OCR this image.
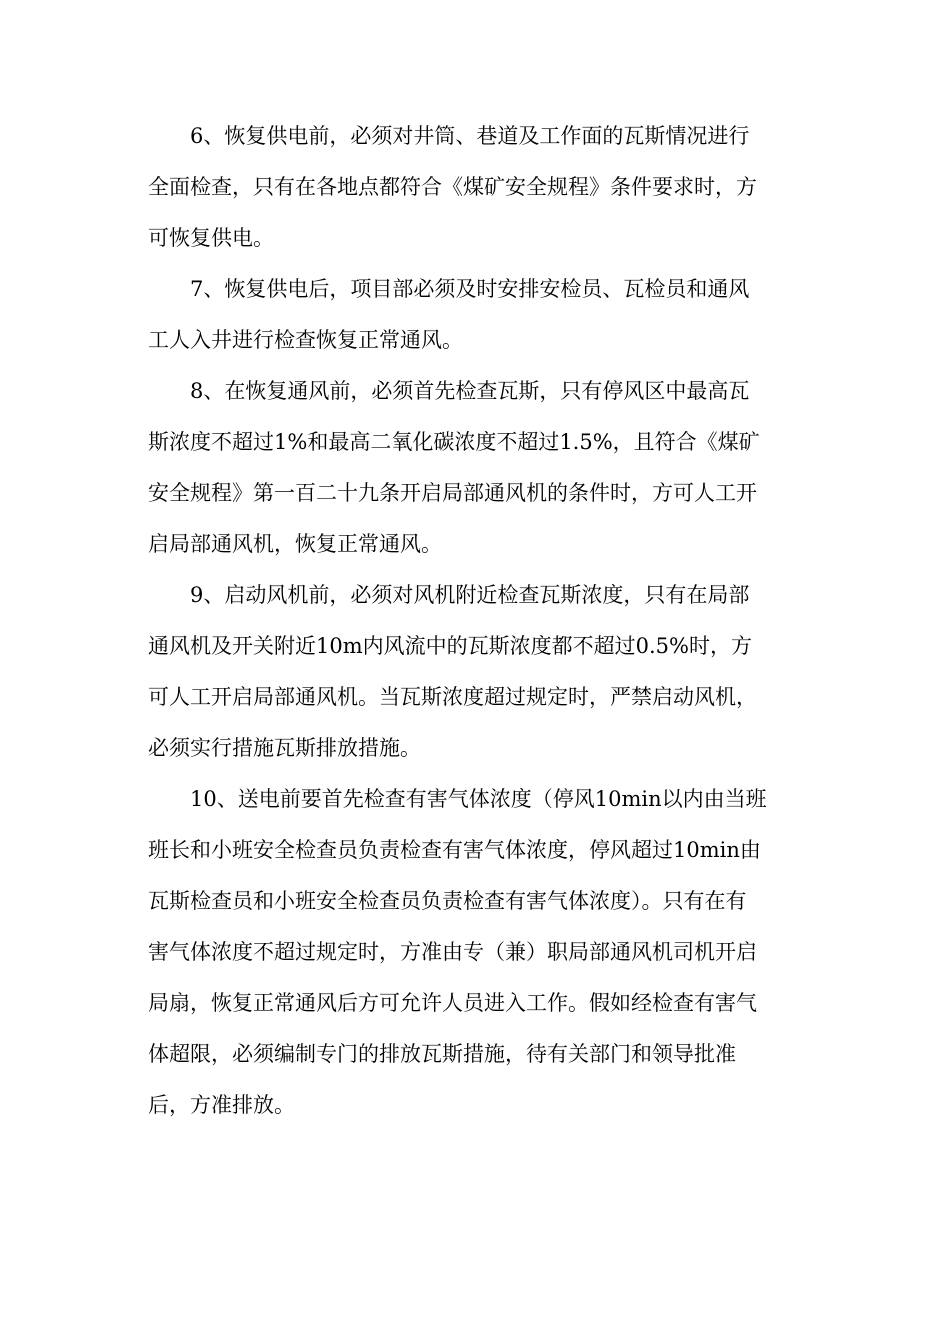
6、恢复供电前，必须对井筒、巷道及工作面的瓦斯情况进行
全面检查，只有在各地点都符合《煤矿安全规程》条件要求时，方
可恢复供电。
7、恢复供电后，项目部必须及时安排安检员、瓦检员和通风
工人入井进行检查恢复正常通风。
8、在恢复通风前，必须首先检查瓦斯，只有停风区中最高瓦
斯浓度不超过1%和最高二氧化碳浓度不超过1.5%，且符合《煤矿
安全规程》第一百二十九条开启局部通风机的条件时，方可人工开
启局部通风机，恢复正常通风。
9、启动风机前，必须对风机附近检查瓦斯浓度，只有在局部
通风机及开关附近10m内风流中的瓦斯浓度都不超过0.5%时，方
可人工开启局部通风机。当瓦斯浓度超过规定时，严禁启动风机，
必须实行措施瓦斯排放措施。
10、送电前要首先检查有害气体浓度（停风10min以内由当班
班长和小班安全检查员负责检查有害气体浓度，停风超过10min由
瓦斯检查员和小班安全检查员负责检查有害气体浓度）。只有在有
害气体浓度不超过规定时，方准由专（兼）职局部通风机司机开启
局扇，恢复正常通风后方可允许人员进入工作。假如经检查有害气
体超限，必须编制专门的排放瓦斯措施，待有关部门和领导批准
后，方准排放。
